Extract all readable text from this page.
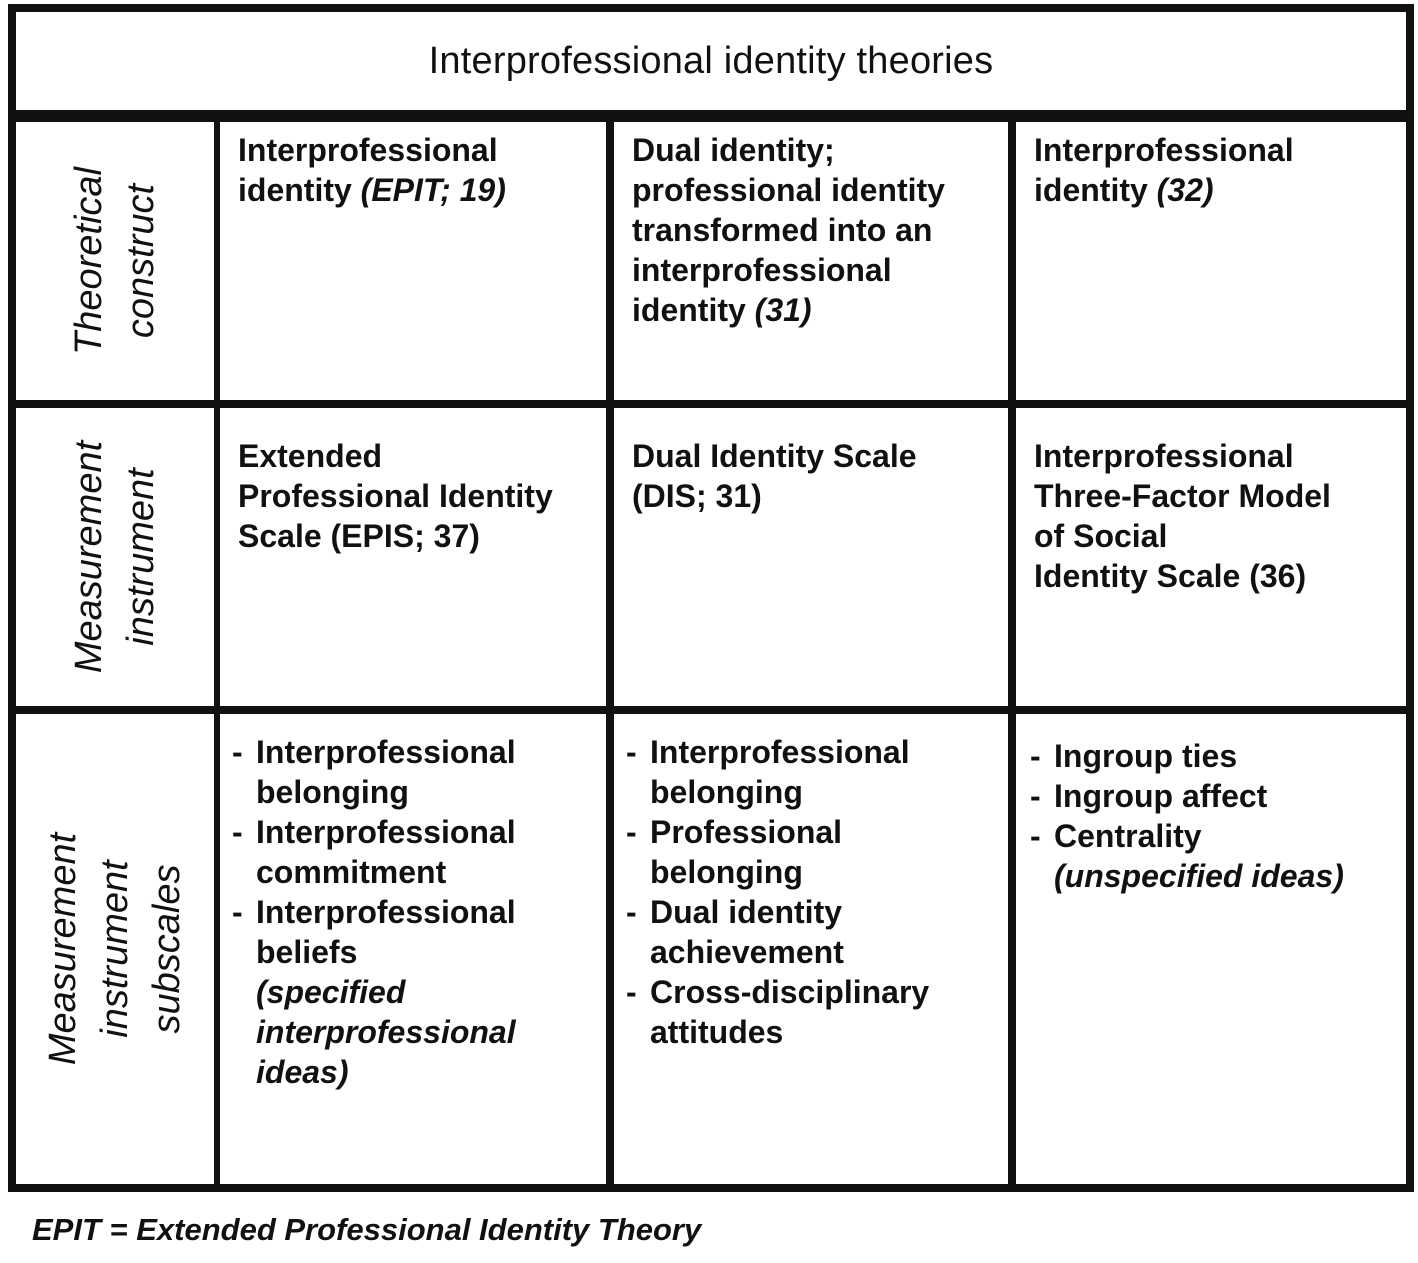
Interprofessional identity theories
Theoretical construct
Interprofessional
identity (EPIT; 19)
Dual identity;
professional identity
transformed into an
interprofessional
identity (31)
Interprofessional
identity (32)
Measurement instrument
Extended
Professional Identity
Scale (EPIS; 37)
Dual Identity Scale
(DIS; 31)
Interprofessional
Three-Factor Model
of Social
Identity Scale (36)
Measurement instrument subscales
- Interprofessional belonging
- Interprofessional commitment
- Interprofessional beliefs
(specified interprofessional ideas)
- Interprofessional belonging
- Professional belonging
- Dual identity achievement
- Cross-disciplinary attitudes
- Ingroup ties
- Ingroup affect
- Centrality
(unspecified ideas)
EPIT = Extended Professional Identity Theory
